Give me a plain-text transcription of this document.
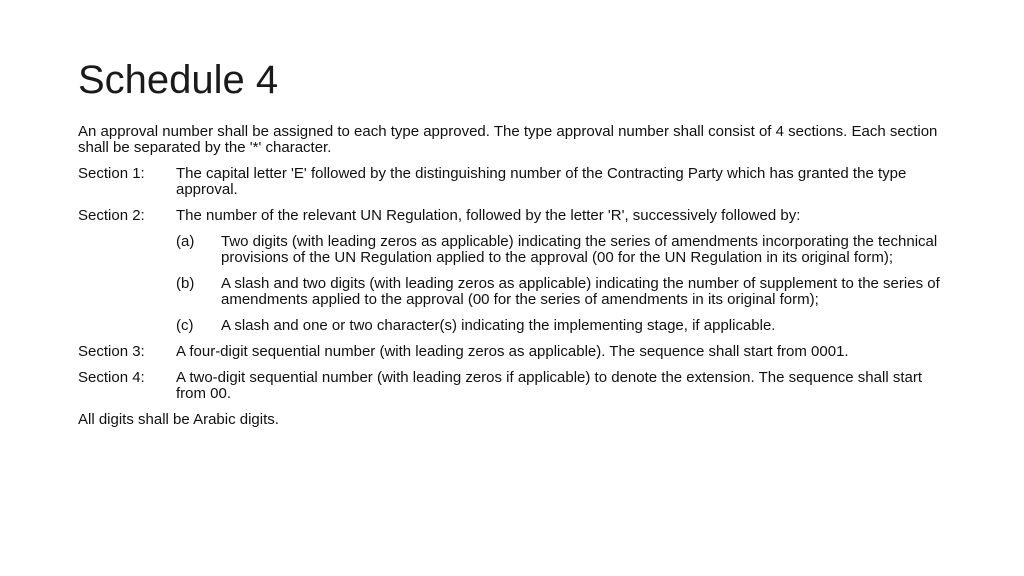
Schedule 4

An approval number shall be assigned to each type approved. The type approval number shall consist of 4 sections. Each section shall be separated by the '*' character.

Section 1:	The capital letter 'E' followed by the distinguishing number of the Contracting Party which has granted the type approval.
Section 2:	The number of the relevant UN Regulation, followed by the letter 'R', successively followed by:
(a)	Two digits (with leading zeros as applicable) indicating the series of amendments incorporating the technical provisions of the UN Regulation applied to the approval (00 for the UN Regulation in its original form);
(b)	A slash and two digits (with leading zeros as applicable) indicating the number of supplement to the series of amendments applied to the approval (00 for the series of amendments in its original form);
(c)	A slash and one or two character(s) indicating the implementing stage, if applicable.
Section 3:	A four-digit sequential number (with leading zeros as applicable). The sequence shall start from 0001.
Section 4:	A two-digit sequential number (with leading zeros if applicable) to denote the extension. The sequence shall start from 00.

All digits shall be Arabic digits.
